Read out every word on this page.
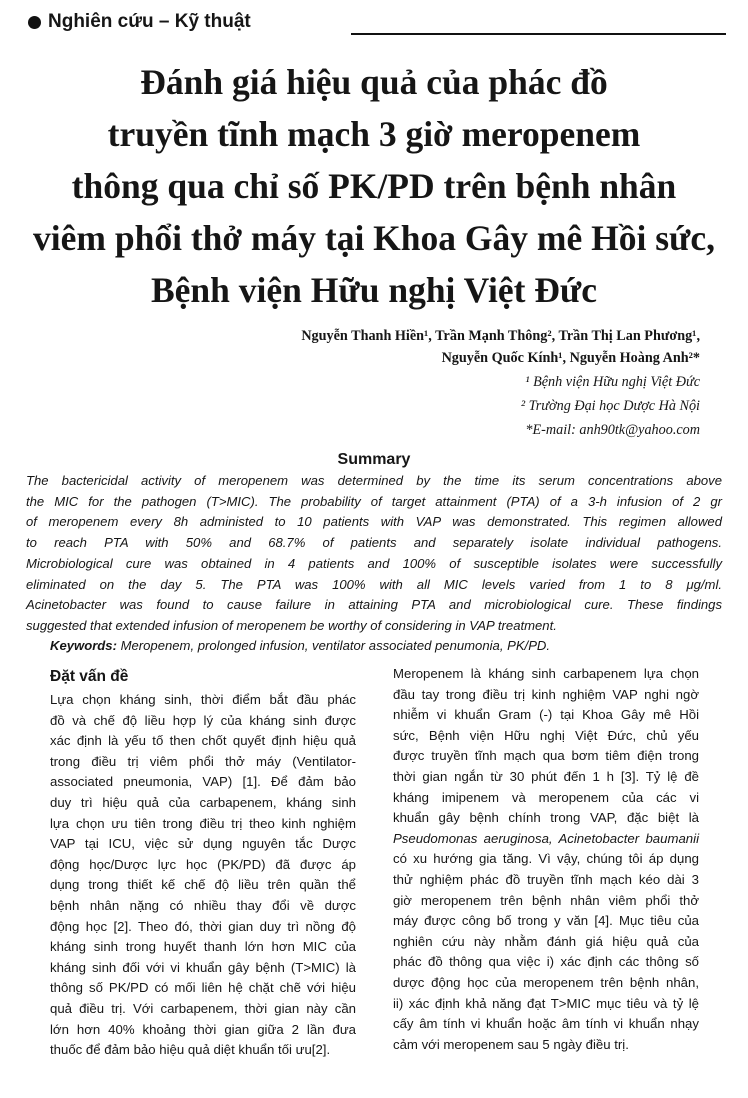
Nghiên cứu – Kỹ thuật
Đánh giá hiệu quả của phác đồ
truyền tĩnh mạch 3 giờ meropenem
thông qua chỉ số PK/PD trên bệnh nhân
viêm phổi thở máy tại Khoa Gây mê Hồi sức,
Bệnh viện Hữu nghị Việt Đức
Nguyễn Thanh Hiền¹, Trần Mạnh Thông², Trần Thị Lan Phương¹,
Nguyễn Quốc Kính¹, Nguyễn Hoàng Anh²*
¹ Bệnh viện Hữu nghị Việt Đức
² Trường Đại học Dược Hà Nội
*E-mail: anh90tk@yahoo.com
Summary
The bactericidal activity of meropenem was determined by the time its serum concentrations above
the MIC for the pathogen (T>MIC). The probability of target attainment (PTA) of a 3-h infusion of 2 gr
of meropenem every 8h administed to 10 patients with VAP was demonstrated. This regimen allowed
to reach PTA with 50% and 68.7% of patients and separately isolate individual pathogens.
Microbiological cure was obtained in 4 patients and 100% of susceptible isolates were successfully
eliminated on the day 5. The PTA was 100% with all MIC levels varied from 1 to 8 μg/ml.
Acinetobacter was found to cause failure in attaining PTA and microbiological cure. These findings
suggested that extended infusion of meropenem be worthy of considering in VAP treatment.
Keywords: Meropenem, prolonged infusion, ventilator associated penumonia, PK/PD.
Đặt vấn đề
Lựa chọn kháng sinh, thời điểm bắt đầu phác
đồ và chế độ liều hợp lý của kháng sinh được
xác định là yếu tố then chốt quyết định hiệu quả
trong điều trị viêm phổi thở máy (Ventilator-
associated pneumonia, VAP) [1]. Để đảm bảo
duy trì hiệu quả của carbapenem, kháng sinh
lựa chọn ưu tiên trong điều trị theo kinh nghiệm
VAP tại ICU, việc sử dụng nguyên tắc Dược
động học/Dược lực học (PK/PD) đã được áp
dụng trong thiết kế chế độ liều trên quần thể
bệnh nhân nặng có nhiều thay đổi về dược
động học [2]. Theo đó, thời gian duy trì nồng độ
kháng sinh trong huyết thanh lớn hơn MIC của
kháng sinh đối với vi khuẩn gây bệnh (T>MIC) là
thông số PK/PD có mối liên hệ chặt chẽ với hiệu
quả điều trị. Với carbapenem, thời gian này cần
lớn hơn 40% khoảng thời gian giữa 2 lần đưa
thuốc để đảm bảo hiệu quả diệt khuẩn tối ưu[2].
Meropenem là kháng sinh carbapenem lựa chọn
đầu tay trong điều trị kinh nghiệm VAP nghi ngờ
nhiễm vi khuẩn Gram (-) tại Khoa Gây mê Hồi
sức, Bệnh viện Hữu nghị Việt Đức, chủ yếu
được truyền tĩnh mạch qua bơm tiêm điện trong
thời gian ngắn từ 30 phút đến 1 h [3]. Tỷ lệ đề
kháng imipenem và meropenem của các vi
khuẩn gây bệnh chính trong VAP, đặc biệt là
Pseudomonas aeruginosa, Acinetobacter baumanii
có xu hướng gia tăng. Vì vậy, chúng tôi áp dụng
thử nghiệm phác đồ truyền tĩnh mạch kéo dài 3
giờ meropenem trên bệnh nhân viêm phổi thở
máy được công bố trong y văn [4]. Mục tiêu của
nghiên cứu này nhằm đánh giá hiệu quả của
phác đồ thông qua việc i) xác định các thông số
dược động học của meropenem trên bệnh nhân,
ii) xác định khả năng đạt T>MIC mục tiêu và tỷ lệ
cấy âm tính vi khuẩn hoặc âm tính vi khuẩn nhạy
cảm với meropenem sau 5 ngày điều trị.
